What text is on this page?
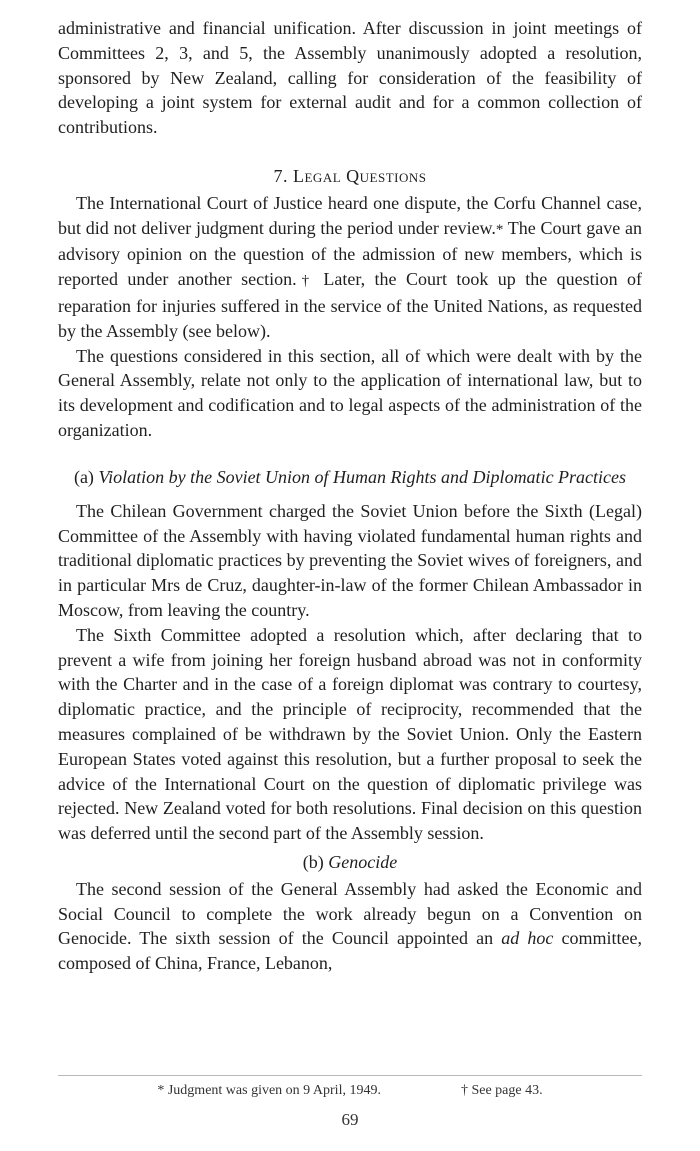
administrative and financial unification. After discussion in joint meetings of Committees 2, 3, and 5, the Assembly unanimously adopted a resolution, sponsored by New Zealand, calling for consideration of the feasibility of developing a joint system for external audit and for a common collection of contributions.

7. Legal Questions

The International Court of Justice heard one dispute, the Corfu Channel case, but did not deliver judgment during the period under review.* The Court gave an advisory opinion on the question of the admission of new members, which is reported under another section.† Later, the Court took up the question of reparation for injuries suffered in the service of the United Nations, as requested by the Assembly (see below).

The questions considered in this section, all of which were dealt with by the General Assembly, relate not only to the application of international law, but to its development and codification and to legal aspects of the administration of the organization.

(a) Violation by the Soviet Union of Human Rights and Diplomatic Practices

The Chilean Government charged the Soviet Union before the Sixth (Legal) Committee of the Assembly with having violated fundamental human rights and traditional diplomatic practices by preventing the Soviet wives of foreigners, and in particular Mrs de Cruz, daughter-in-law of the former Chilean Ambassador in Moscow, from leaving the country.

The Sixth Committee adopted a resolution which, after declaring that to prevent a wife from joining her foreign husband abroad was not in conformity with the Charter and in the case of a foreign diplomat was contrary to courtesy, diplomatic practice, and the principle of reciprocity, recommended that the measures complained of be withdrawn by the Soviet Union. Only the Eastern European States voted against this resolution, but a further proposal to seek the advice of the International Court on the question of diplomatic privilege was rejected. New Zealand voted for both resolutions. Final decision on this question was deferred until the second part of the Assembly session.

(b) Genocide

The second session of the General Assembly had asked the Economic and Social Council to complete the work already begun on a Convention on Genocide. The sixth session of the Council appointed an ad hoc committee, composed of China, France, Lebanon,

* Judgment was given on 9 April, 1949.	† See page 43.
69
